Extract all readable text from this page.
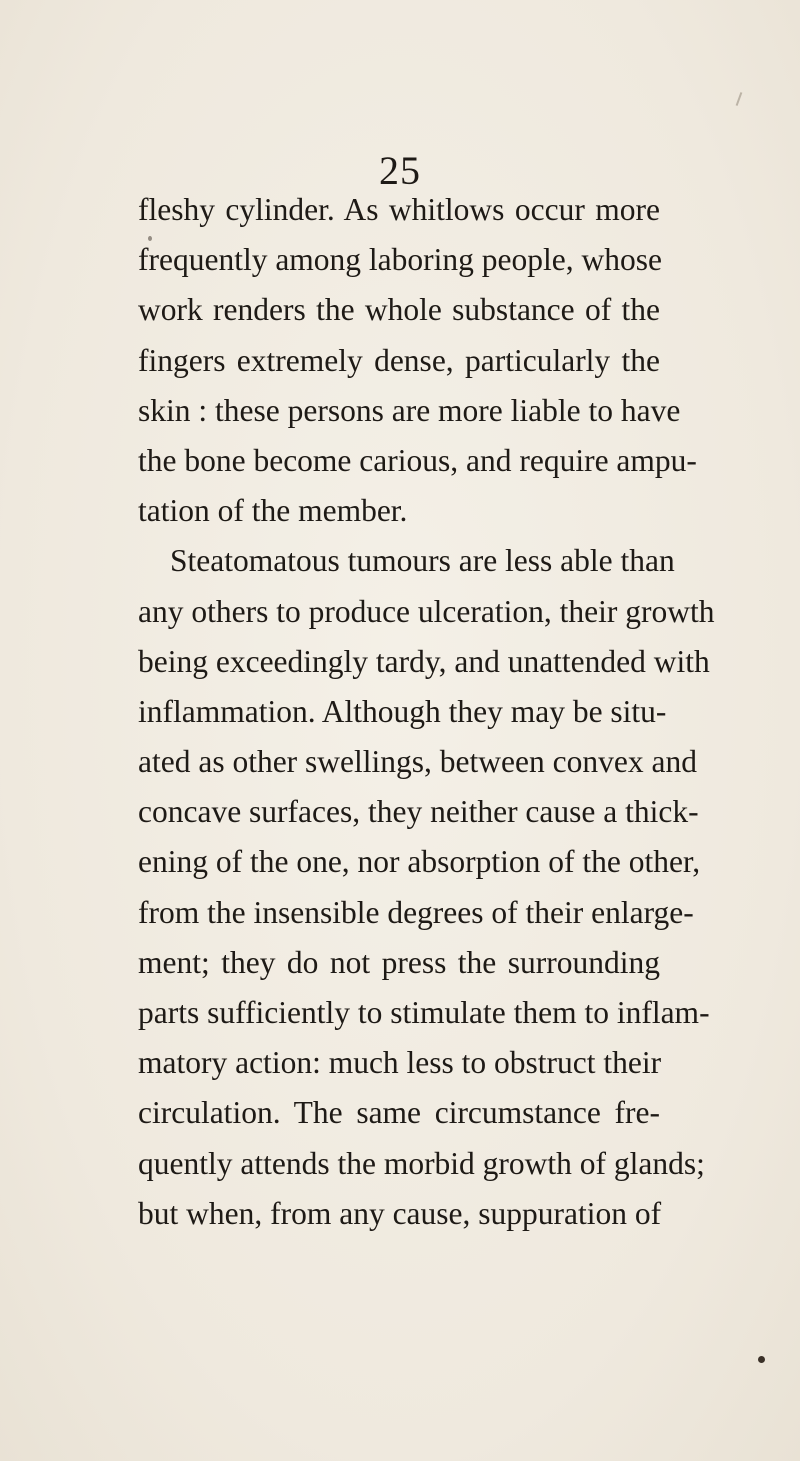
25
fleshy cylinder. As whitlows occur more
frequently among laboring people, whose
work renders the whole substance of the
fingers extremely dense, particularly the
skin : these persons are more liable to have
the bone become carious, and require ampu-
tation of the member.
Steatomatous tumours are less able than
any others to produce ulceration, their growth
being exceedingly tardy, and unattended with
inflammation. Although they may be situ-
ated as other swellings, between convex and
concave surfaces, they neither cause a thick-
ening of the one, nor absorption of the other,
from the insensible degrees of their enlarge-
ment; they do not press the surrounding
parts sufficiently to stimulate them to inflam-
matory action: much less to obstruct their
circulation. The same circumstance fre-
quently attends the morbid growth of glands;
but when, from any cause, suppuration of
